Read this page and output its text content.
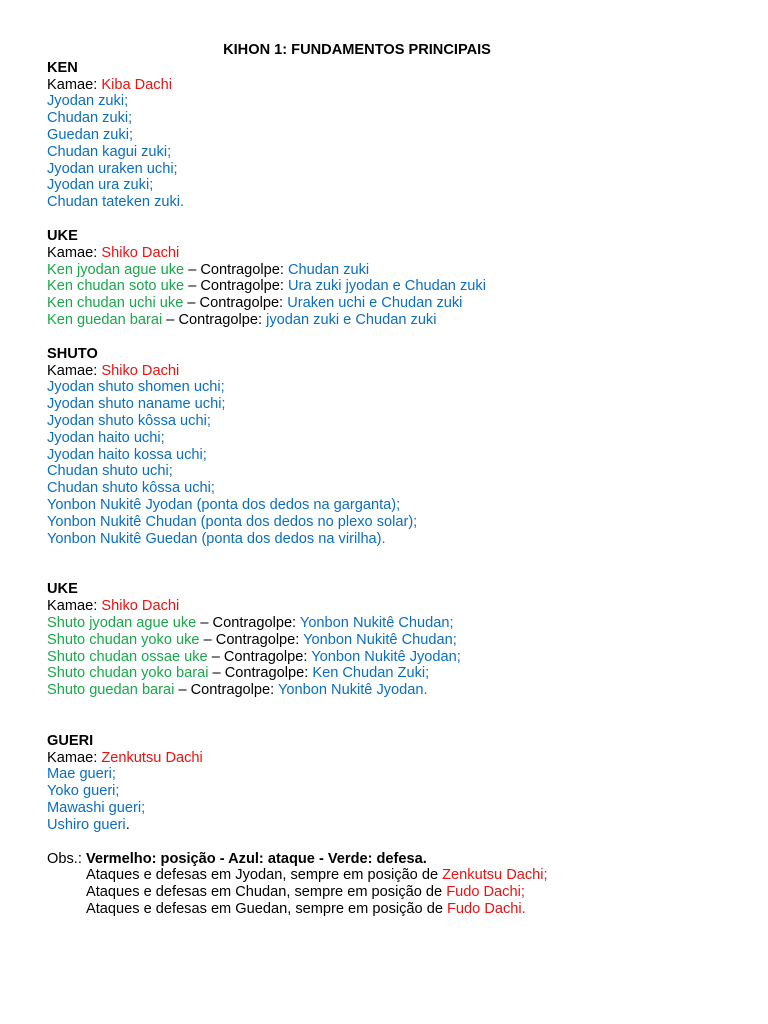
KIHON 1: FUNDAMENTOS PRINCIPAIS
KEN
Kamae: Kiba Dachi
Jyodan zuki;
Chudan zuki;
Guedan zuki;
Chudan kagui zuki;
Jyodan uraken uchi;
Jyodan ura zuki;
Chudan tateken zuki.
UKE
Kamae: Shiko Dachi
Ken jyodan ague uke – Contragolpe: Chudan zuki
Ken chudan soto uke – Contragolpe: Ura zuki jyodan e Chudan zuki
Ken chudan uchi uke – Contragolpe: Uraken uchi e Chudan zuki
Ken guedan barai – Contragolpe: jyodan zuki e Chudan zuki
SHUTO
Kamae: Shiko Dachi
Jyodan shuto shomen uchi;
Jyodan shuto naname uchi;
Jyodan shuto kôssa uchi;
Jyodan haito uchi;
Jyodan haito kossa uchi;
Chudan shuto uchi;
Chudan shuto kôssa uchi;
Yonbon Nukitê Jyodan (ponta dos dedos na garganta);
Yonbon Nukitê Chudan (ponta dos dedos no plexo solar);
Yonbon Nukitê Guedan (ponta dos dedos na virilha).
UKE
Kamae: Shiko Dachi
Shuto jyodan ague uke – Contragolpe: Yonbon Nukitê Chudan;
Shuto chudan yoko uke – Contragolpe: Yonbon Nukitê Chudan;
Shuto chudan ossae uke – Contragolpe: Yonbon Nukitê Jyodan;
Shuto chudan yoko barai – Contragolpe: Ken Chudan Zuki;
Shuto guedan barai – Contragolpe: Yonbon Nukitê Jyodan.
GUERI
Kamae: Zenkutsu Dachi
Mae gueri;
Yoko gueri;
Mawashi gueri;
Ushiro gueri.
Obs.: Vermelho: posição - Azul: ataque - Verde: defesa.
Ataques e defesas em Jyodan, sempre em posição de Zenkutsu Dachi;
Ataques e defesas em Chudan, sempre em posição de Fudo Dachi;
Ataques e defesas em Guedan, sempre em posição de Fudo Dachi.
